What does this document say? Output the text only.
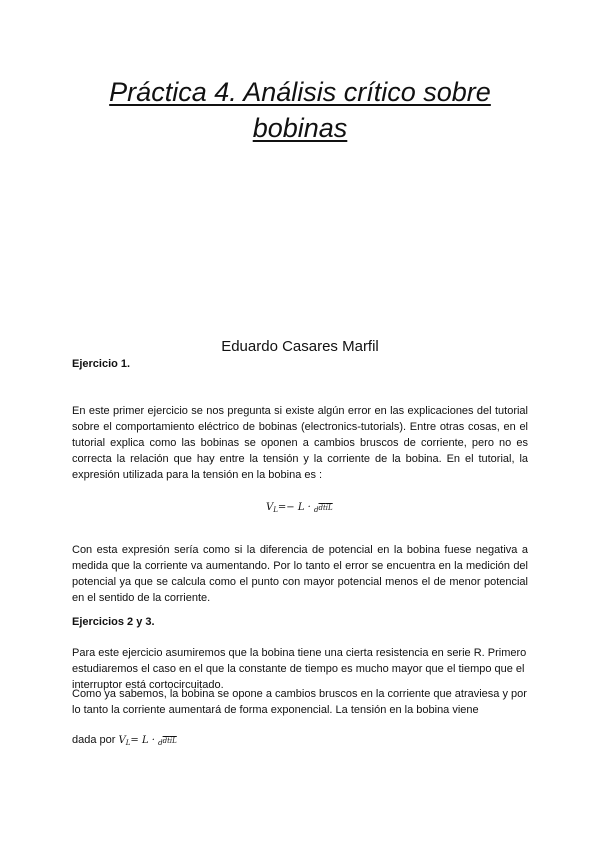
Práctica 4. Análisis crítico sobre
bobinas
Eduardo Casares Marfil
Ejercicio 1.

En este primer ejercicio se nos pregunta si existe algún error en las explicaciones del tutorial sobre el comportamiento eléctrico de bobinas (electronics-tutorials). Entre otras cosas, en el tutorial explica como las bobinas se oponen a cambios bruscos de corriente, pero no es correcta la relación que hay entre la tensión y la corriente de la bobina. En el tutorial, la expresión utilizada para la tensión en la bobina es :

$V_L=- L$ · $_d$dtiL

Con esta expresión sería como si la diferencia de potencial en la bobina fuese negativa a medida que la corriente va aumentando. Por lo tanto el error se encuentra en la medición del potencial ya que se calcula como el punto con mayor potencial menos el de menor potencial en el sentido de la corriente.

Ejercicios 2 y 3.

Para este ejercicio asumiremos que la bobina tiene una cierta resistencia en serie R. Primero estudiaremos el caso en el que la constante de tiempo es mucho mayor que el tiempo que el interruptor está cortocircuitado.

Como ya sabemos, la bobina se opone a cambios bruscos en la corriente que atraviesa y por lo tanto la corriente aumentará de forma exponencial. La tensión en la bobina viene

dada por $V_L= L$ · $_d$dtiL
